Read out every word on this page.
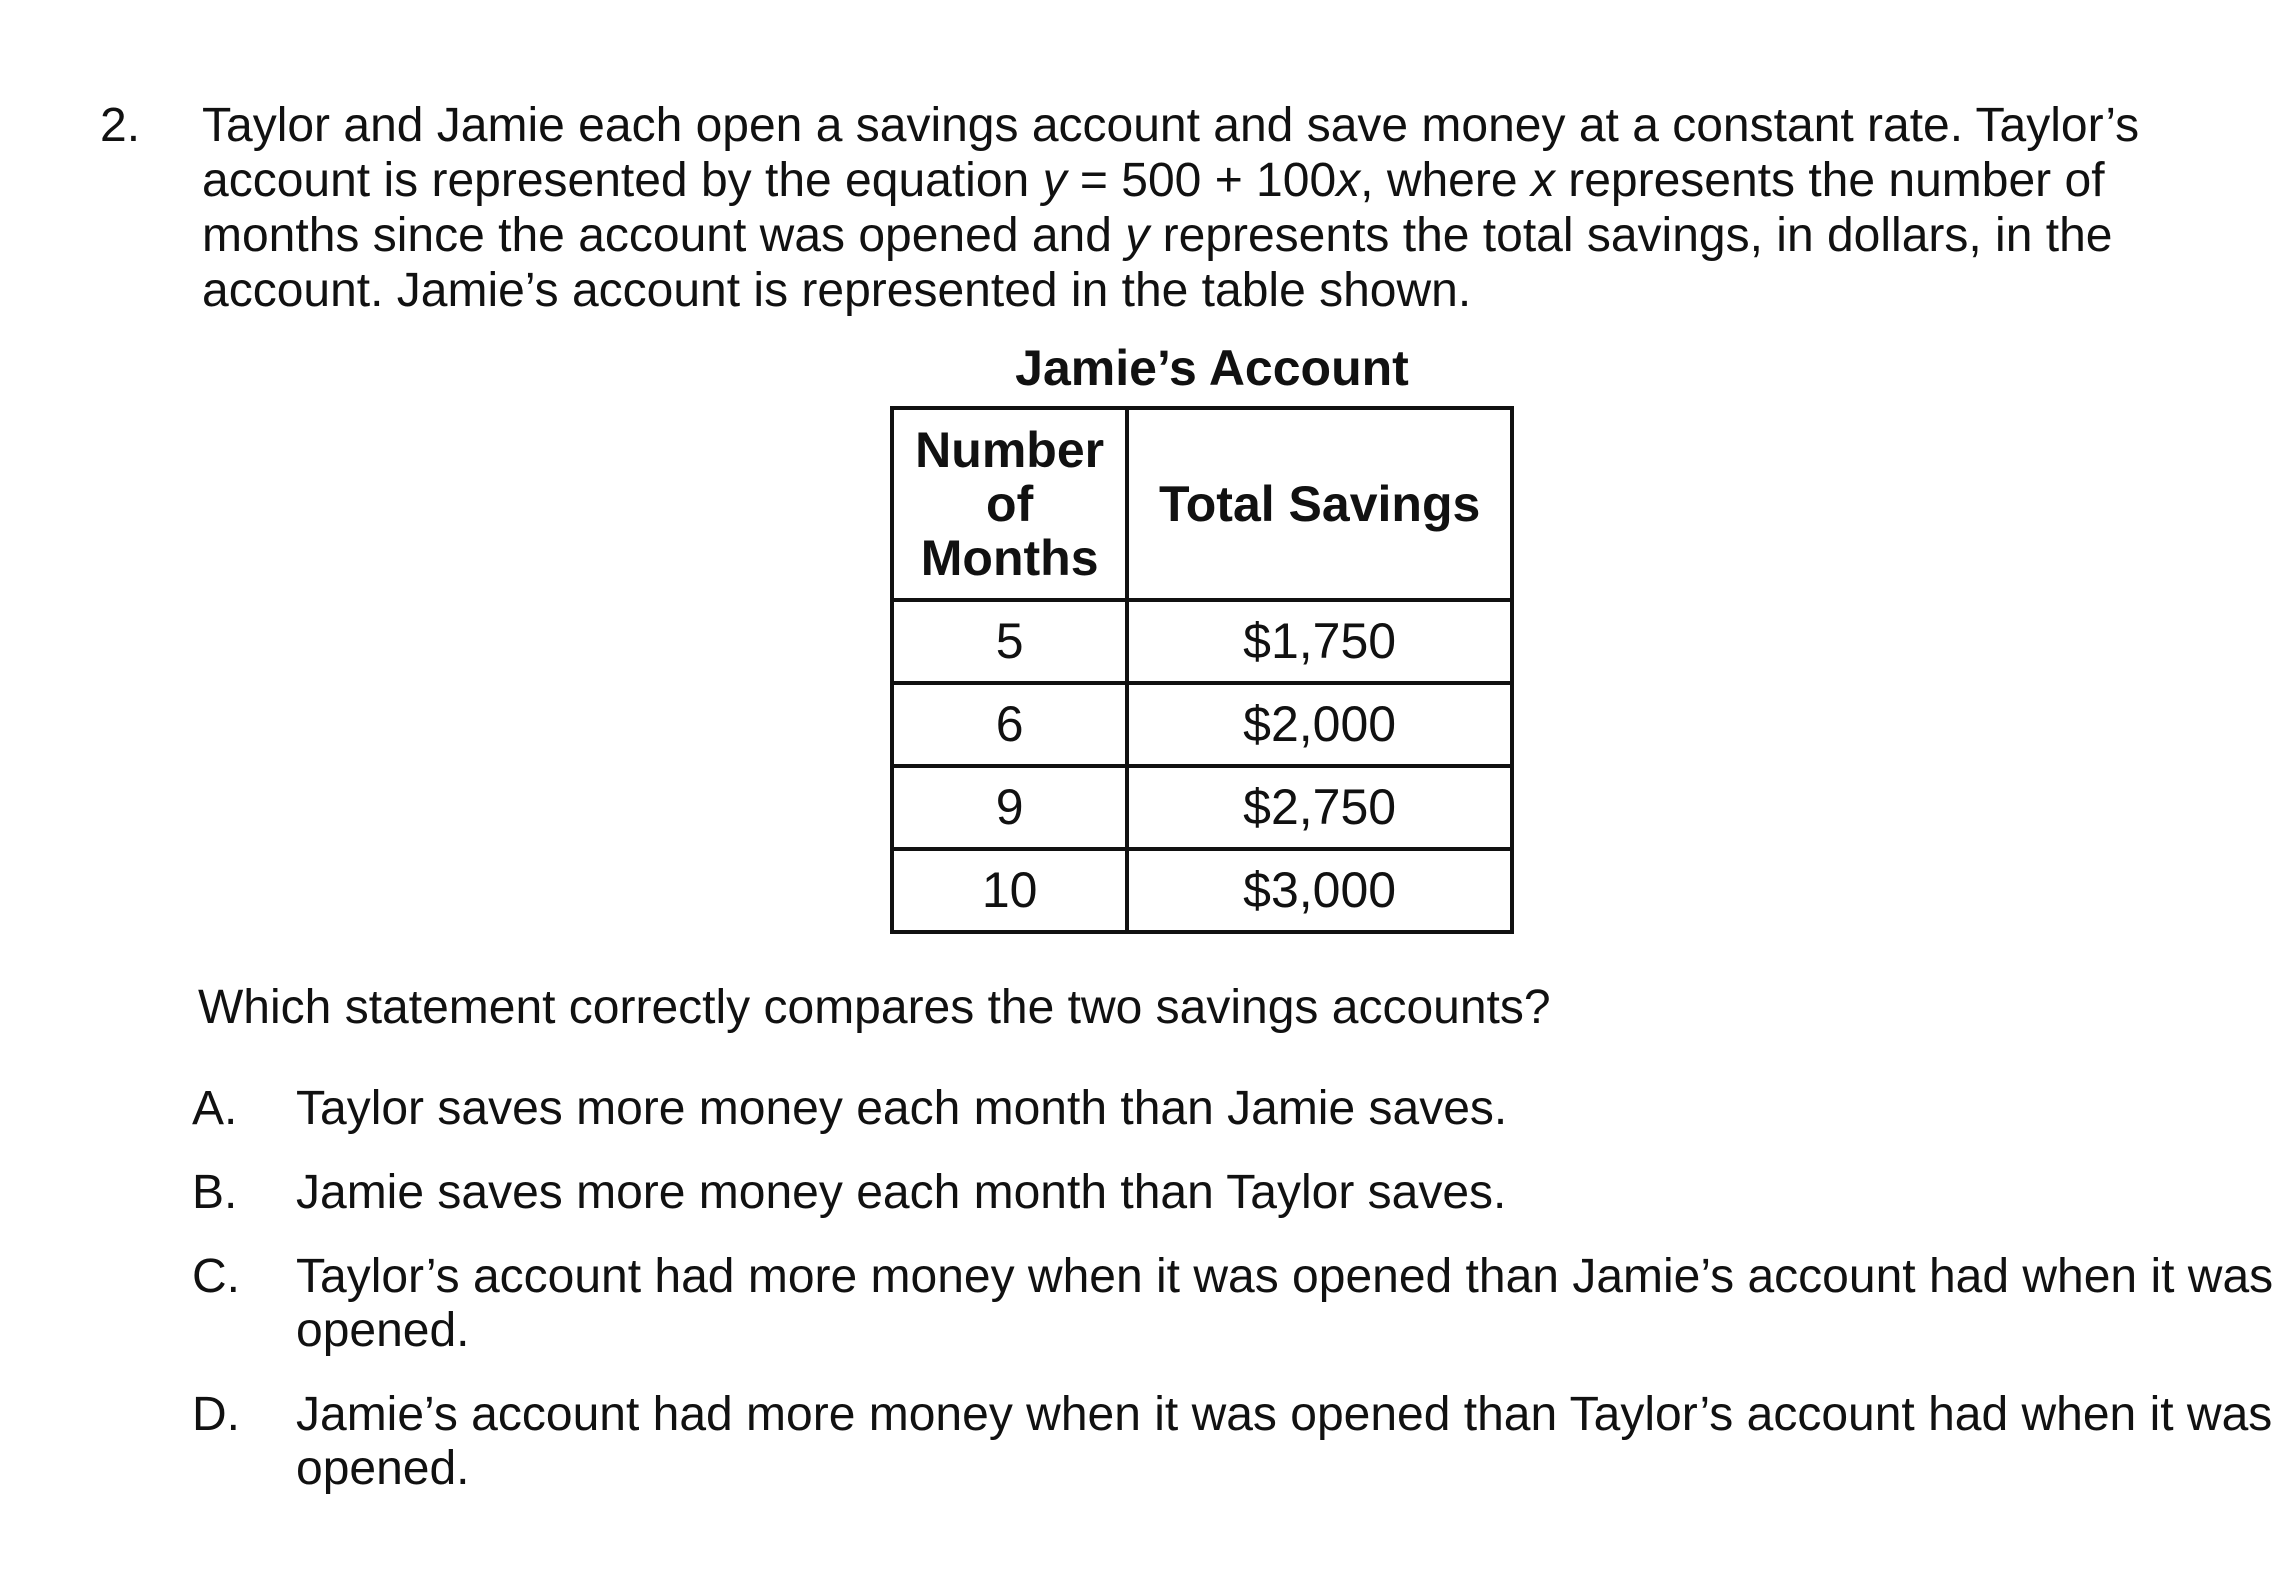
2. Taylor and Jamie each open a savings account and save money at a constant rate. Taylor’s
account is represented by the equation y = 500 + 100x, where x represents the number of
months since the account was opened and y represents the total savings, in dollars, in the
account. Jamie’s account is represented in the table shown.
Jamie’s Account
Number
of
Months	Total Savings
5	$1,750
6	$2,000
9	$2,750
10	$3,000
Which statement correctly compares the two savings accounts?
A. Taylor saves more money each month than Jamie saves.
B. Jamie saves more money each month than Taylor saves.
C. Taylor’s account had more money when it was opened than Jamie’s account had when it was opened.
D. Jamie’s account had more money when it was opened than Taylor’s account had when it was opened.
